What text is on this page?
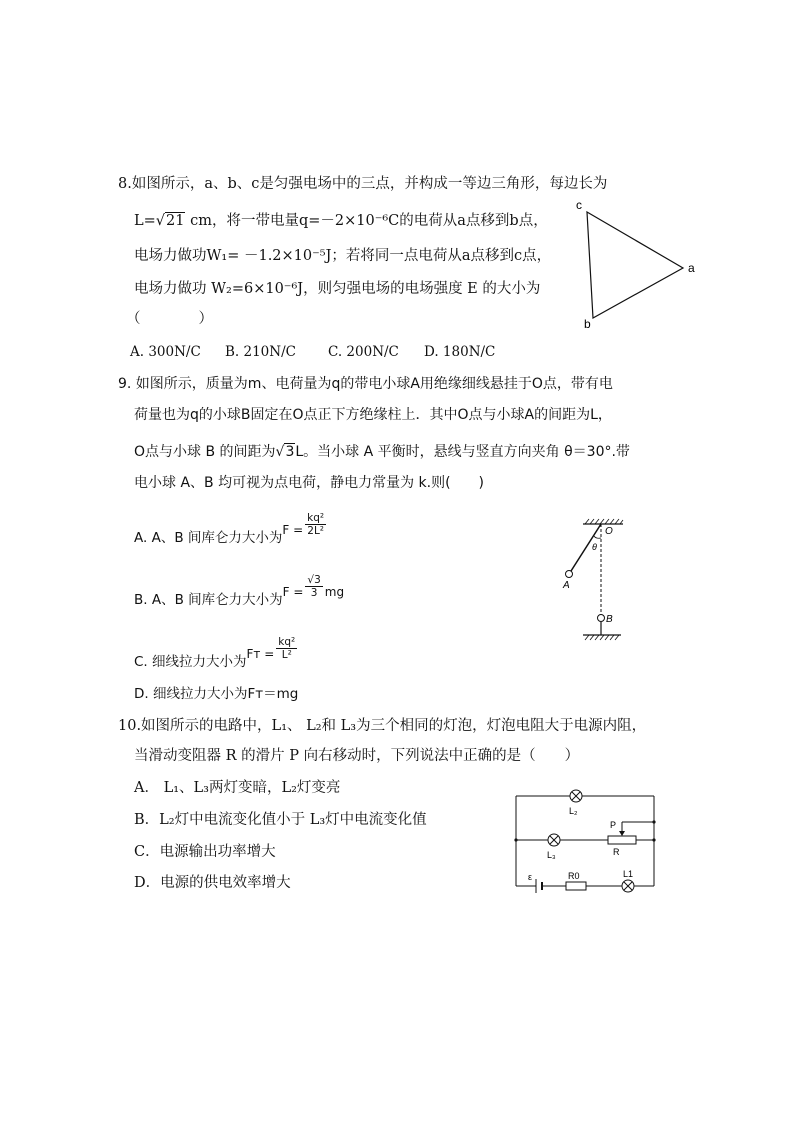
8.如图所示，a、b、c是匀强电场中的三点，并构成一等边三角形，每边长为
L=√21 cm，将一带电量q=－2×10⁻⁶C的电荷从a点移到b点，
电场力做功W₁= －1.2×10⁻⁵J；若将同一点电荷从a点移到c点，
电场力做功 W₂=6×10⁻⁶J，则匀强电场的电场强度 E 的大小为
（　　　　）
A. 300N/C B. 210N/C C. 200N/C D. 180N/C
c
a
b
9. 如图所示，质量为m、电荷量为q的带电小球A用绝缘细线悬挂于O点，带有电
荷量也为q的小球B固定在O点正下方绝缘柱上．其中O点与小球A的间距为L，
O点与小球 B 的间距为√3L。当小球 A 平衡时，悬线与竖直方向夹角 θ＝30°.带
电小球 A、B 均可视为点电荷，静电力常量为 k.则(　　)
A. A、B 间库仑力大小为$F = \frac{\text{kq²}}{\text{2L²}}$
B. A、B 间库仑力大小为$F = \frac{√3}{3}$ mg
C. 细线拉力大小为Fᴛ = $\frac{\text{kq²}}{\text{L²}}$
D. 细线拉力大小为Fᴛ＝mg
O
θ
A
B
10.如图所示的电路中，L₁、 L₂和 L₃为三个相同的灯泡，灯泡电阻大于电源内阻，
当滑动变阻器 R 的滑片 P 向右移动时，下列说法中正确的是（　　）
A． L₁、L₃两灯变暗，L₂灯变亮
B．L₂灯中电流变化值小于 L₃灯中电流变化值
C．电源输出功率增大
D．电源的供电效率增大
L₂
L₃
P
R
ε	R0	L1
